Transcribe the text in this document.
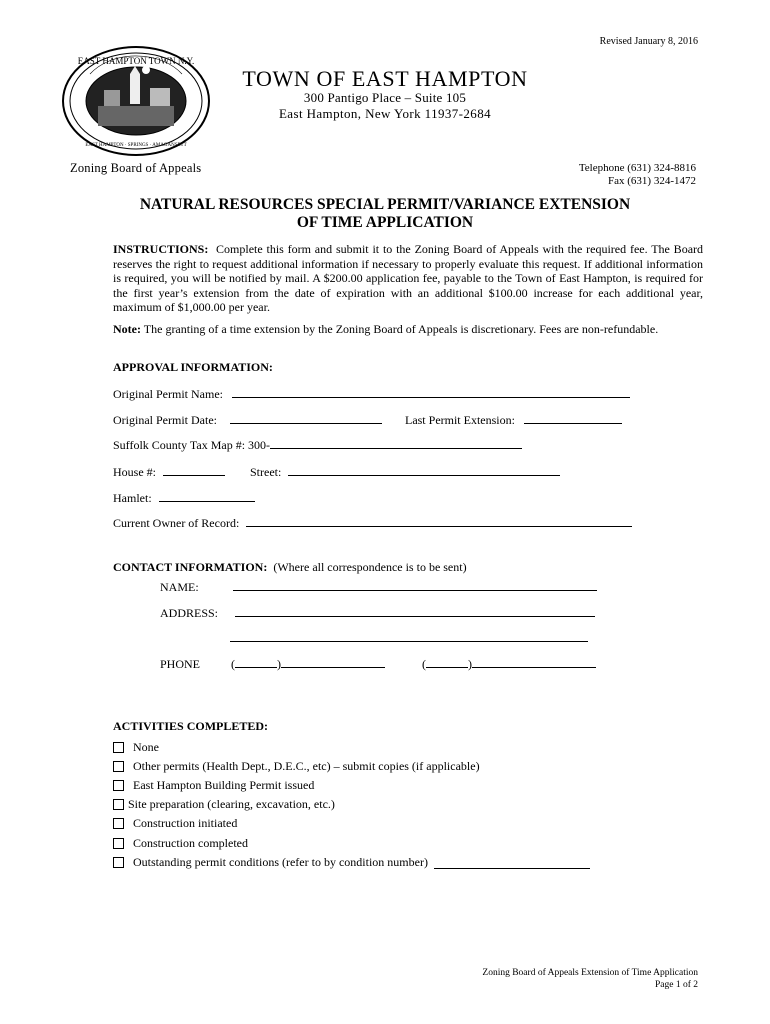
Revised January 8, 2016
EAST HAMPTON TOWN N.Y.
EAST HAMPTON · SPRINGS · AMAGANSETT
TOWN OF EAST HAMPTON
300 Pantigo Place – Suite 105
East Hampton, New York 11937-2684
Zoning Board of Appeals	Telephone (631) 324-8816
Fax (631) 324-1472
NATURAL RESOURCES SPECIAL PERMIT/VARIANCE EXTENSION
OF TIME APPLICATION
INSTRUCTIONS: Complete this form and submit it to the Zoning Board of Appeals with the required fee. The Board reserves the right to request additional information if necessary to properly evaluate this request. If additional information is required, you will be notified by mail. A $200.00 application fee, payable to the Town of East Hampton, is required for the first year’s extension from the date of expiration with an additional $100.00 increase for each additional year, maximum of $1,000.00 per year.
Note: The granting of a time extension by the Zoning Board of Appeals is discretionary. Fees are non-refundable.
APPROVAL INFORMATION:
Original Permit Name:
Original Permit Date:	Last Permit Extension:
Suffolk County Tax Map #: 300-
House #:	Street:
Hamlet:
Current Owner of Record:
CONTACT INFORMATION: (Where all correspondence is to be sent)
NAME:
ADDRESS:
PHONE	(	)	(	)
ACTIVITIES COMPLETED:
None
Other permits (Health Dept., D.E.C., etc) – submit copies (if applicable)
East Hampton Building Permit issued
Site preparation (clearing, excavation, etc.)
Construction initiated
Construction completed
Outstanding permit conditions (refer to by condition number)
Zoning Board of Appeals Extension of Time Application
Page 1 of 2
